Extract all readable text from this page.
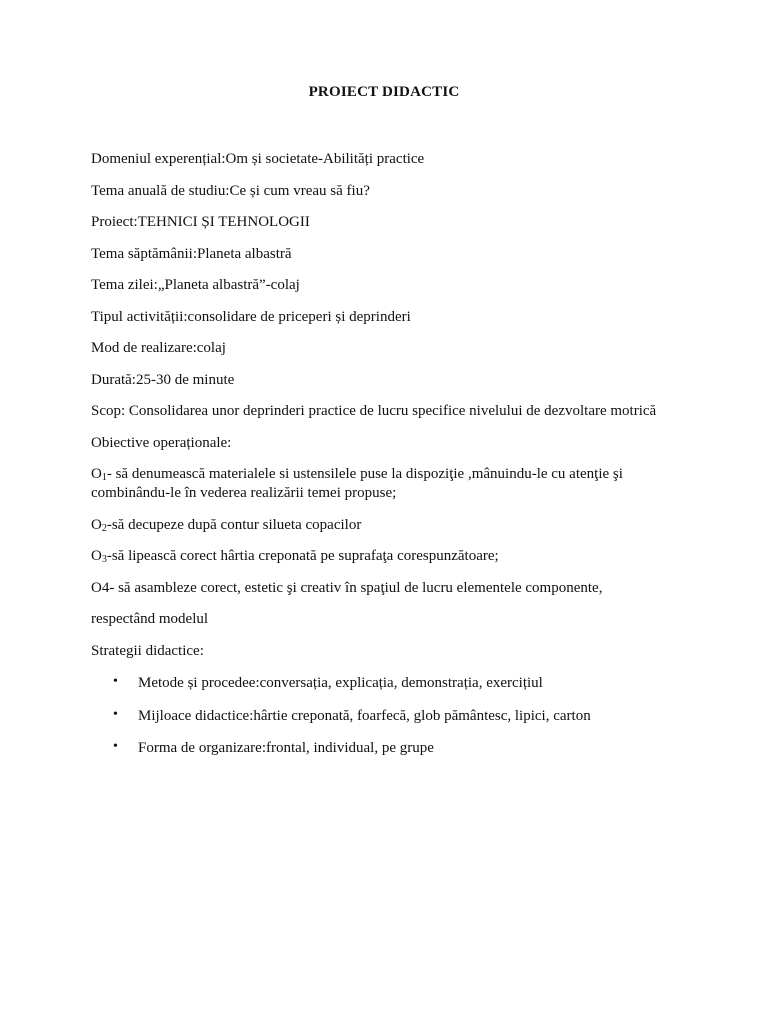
PROIECT DIDACTIC
Domeniul experențial:Om și societate-Abilități practice
Tema anuală de studiu:Ce și cum vreau să fiu?
Proiect:TEHNICI ȘI TEHNOLOGII
Tema săptămânii:Planeta albastră
Tema zilei:„Planeta albastră”-colaj
Tipul activității:consolidare de priceperi și deprinderi
Mod de realizare:colaj
Durată:25-30 de minute
Scop: Consolidarea unor deprinderi practice de lucru specifice nivelului de dezvoltare motrică
Obiective operaționale:
$O_1-$ să denumească materialele si ustensilele puse la dispoziţie ,mânuindu-le cu atenţie şi
combinându-le în vederea realizării temei propuse;
$O_2-să$ decupeze după contur silueta copacilor
$O_3-să$ lipească corect hârtia creponată pe suprafaţa corespunzătoare;
O4- să asambleze corect, estetic şi creativ în spaţiul de lucru elementele componente,
respectând modelul
Strategii didactice:
• Metode și procedee:conversația, explicația, demonstrația, exercițiul
• Mijloace didactice:hârtie creponată, foarfecă, glob pământesc, lipici, carton
• Forma de organizare:frontal, individual, pe grupe
